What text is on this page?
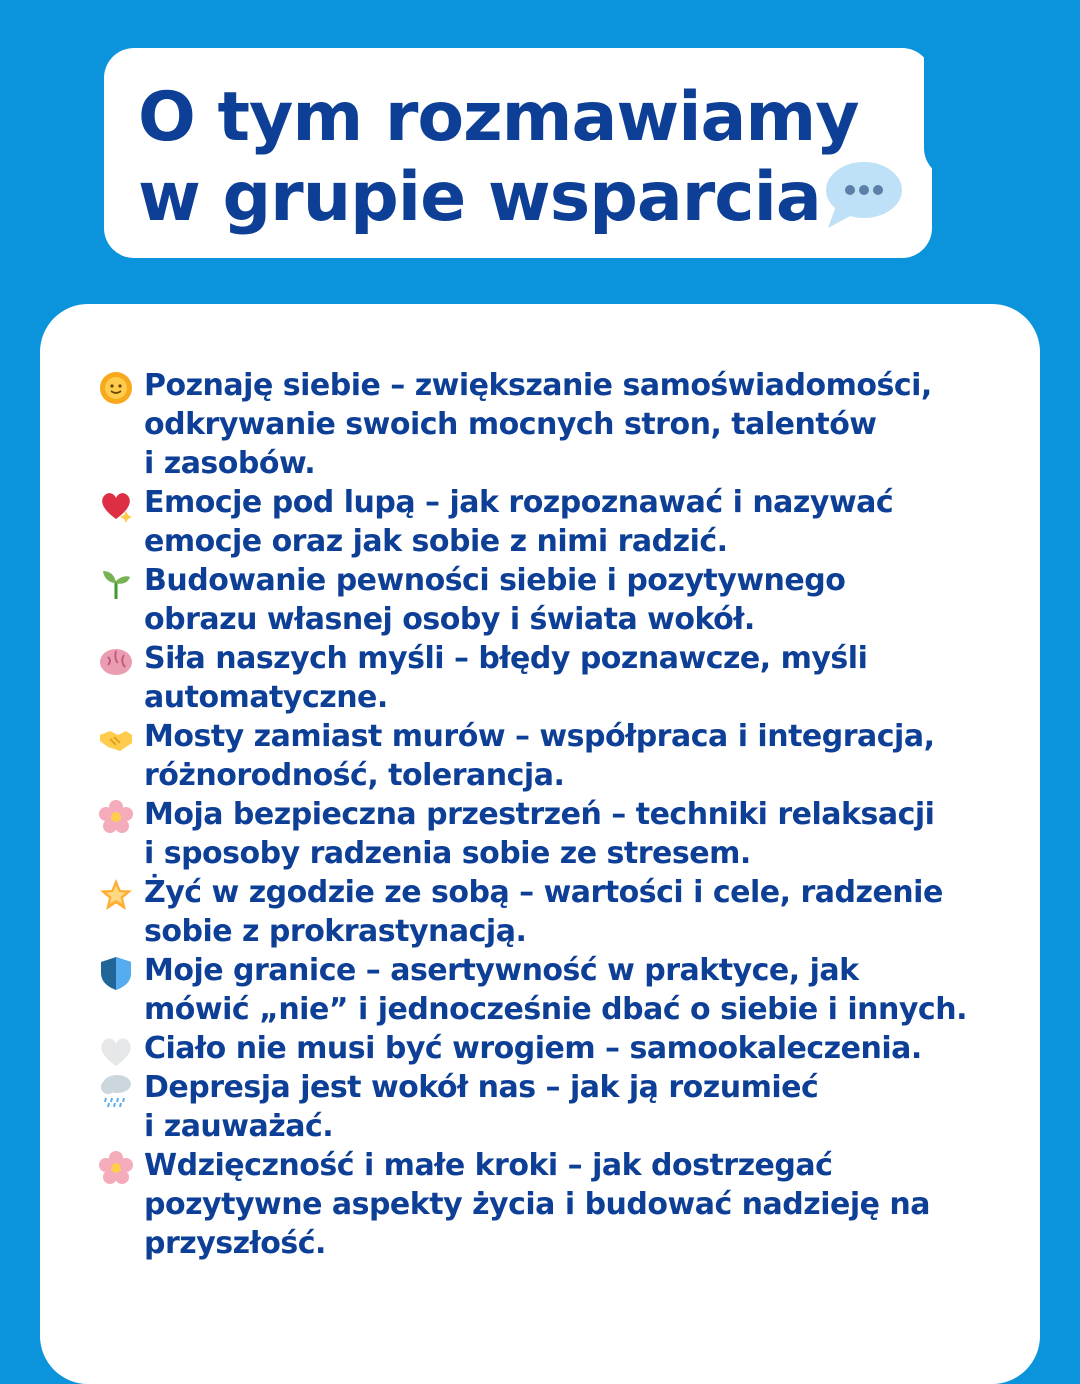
O tym rozmawiamy
w grupie wsparcia
Poznaję siebie – zwiększanie samoświadomości,
odkrywanie swoich mocnych stron, talentów
i zasobów.
Emocje pod lupą – jak rozpoznawać i nazywać
emocje oraz jak sobie z nimi radzić.
Budowanie pewności siebie i pozytywnego
obrazu własnej osoby i świata wokół.
Siła naszych myśli – błędy poznawcze, myśli
automatyczne.
Mosty zamiast murów – współpraca i integracja,
różnorodność, tolerancja.
Moja bezpieczna przestrzeń – techniki relaksacji
i sposoby radzenia sobie ze stresem.
Żyć w zgodzie ze sobą – wartości i cele, radzenie
sobie z prokrastynacją.
Moje granice – asertywność w praktyce, jak
mówić „nie” i jednocześnie dbać o siebie i innych.
Ciało nie musi być wrogiem – samookaleczenia.
Depresja jest wokół nas – jak ją rozumieć
i zauważać.
Wdzięczność i małe kroki – jak dostrzegać
pozytywne aspekty życia i budować nadzieję na
przyszłość.
